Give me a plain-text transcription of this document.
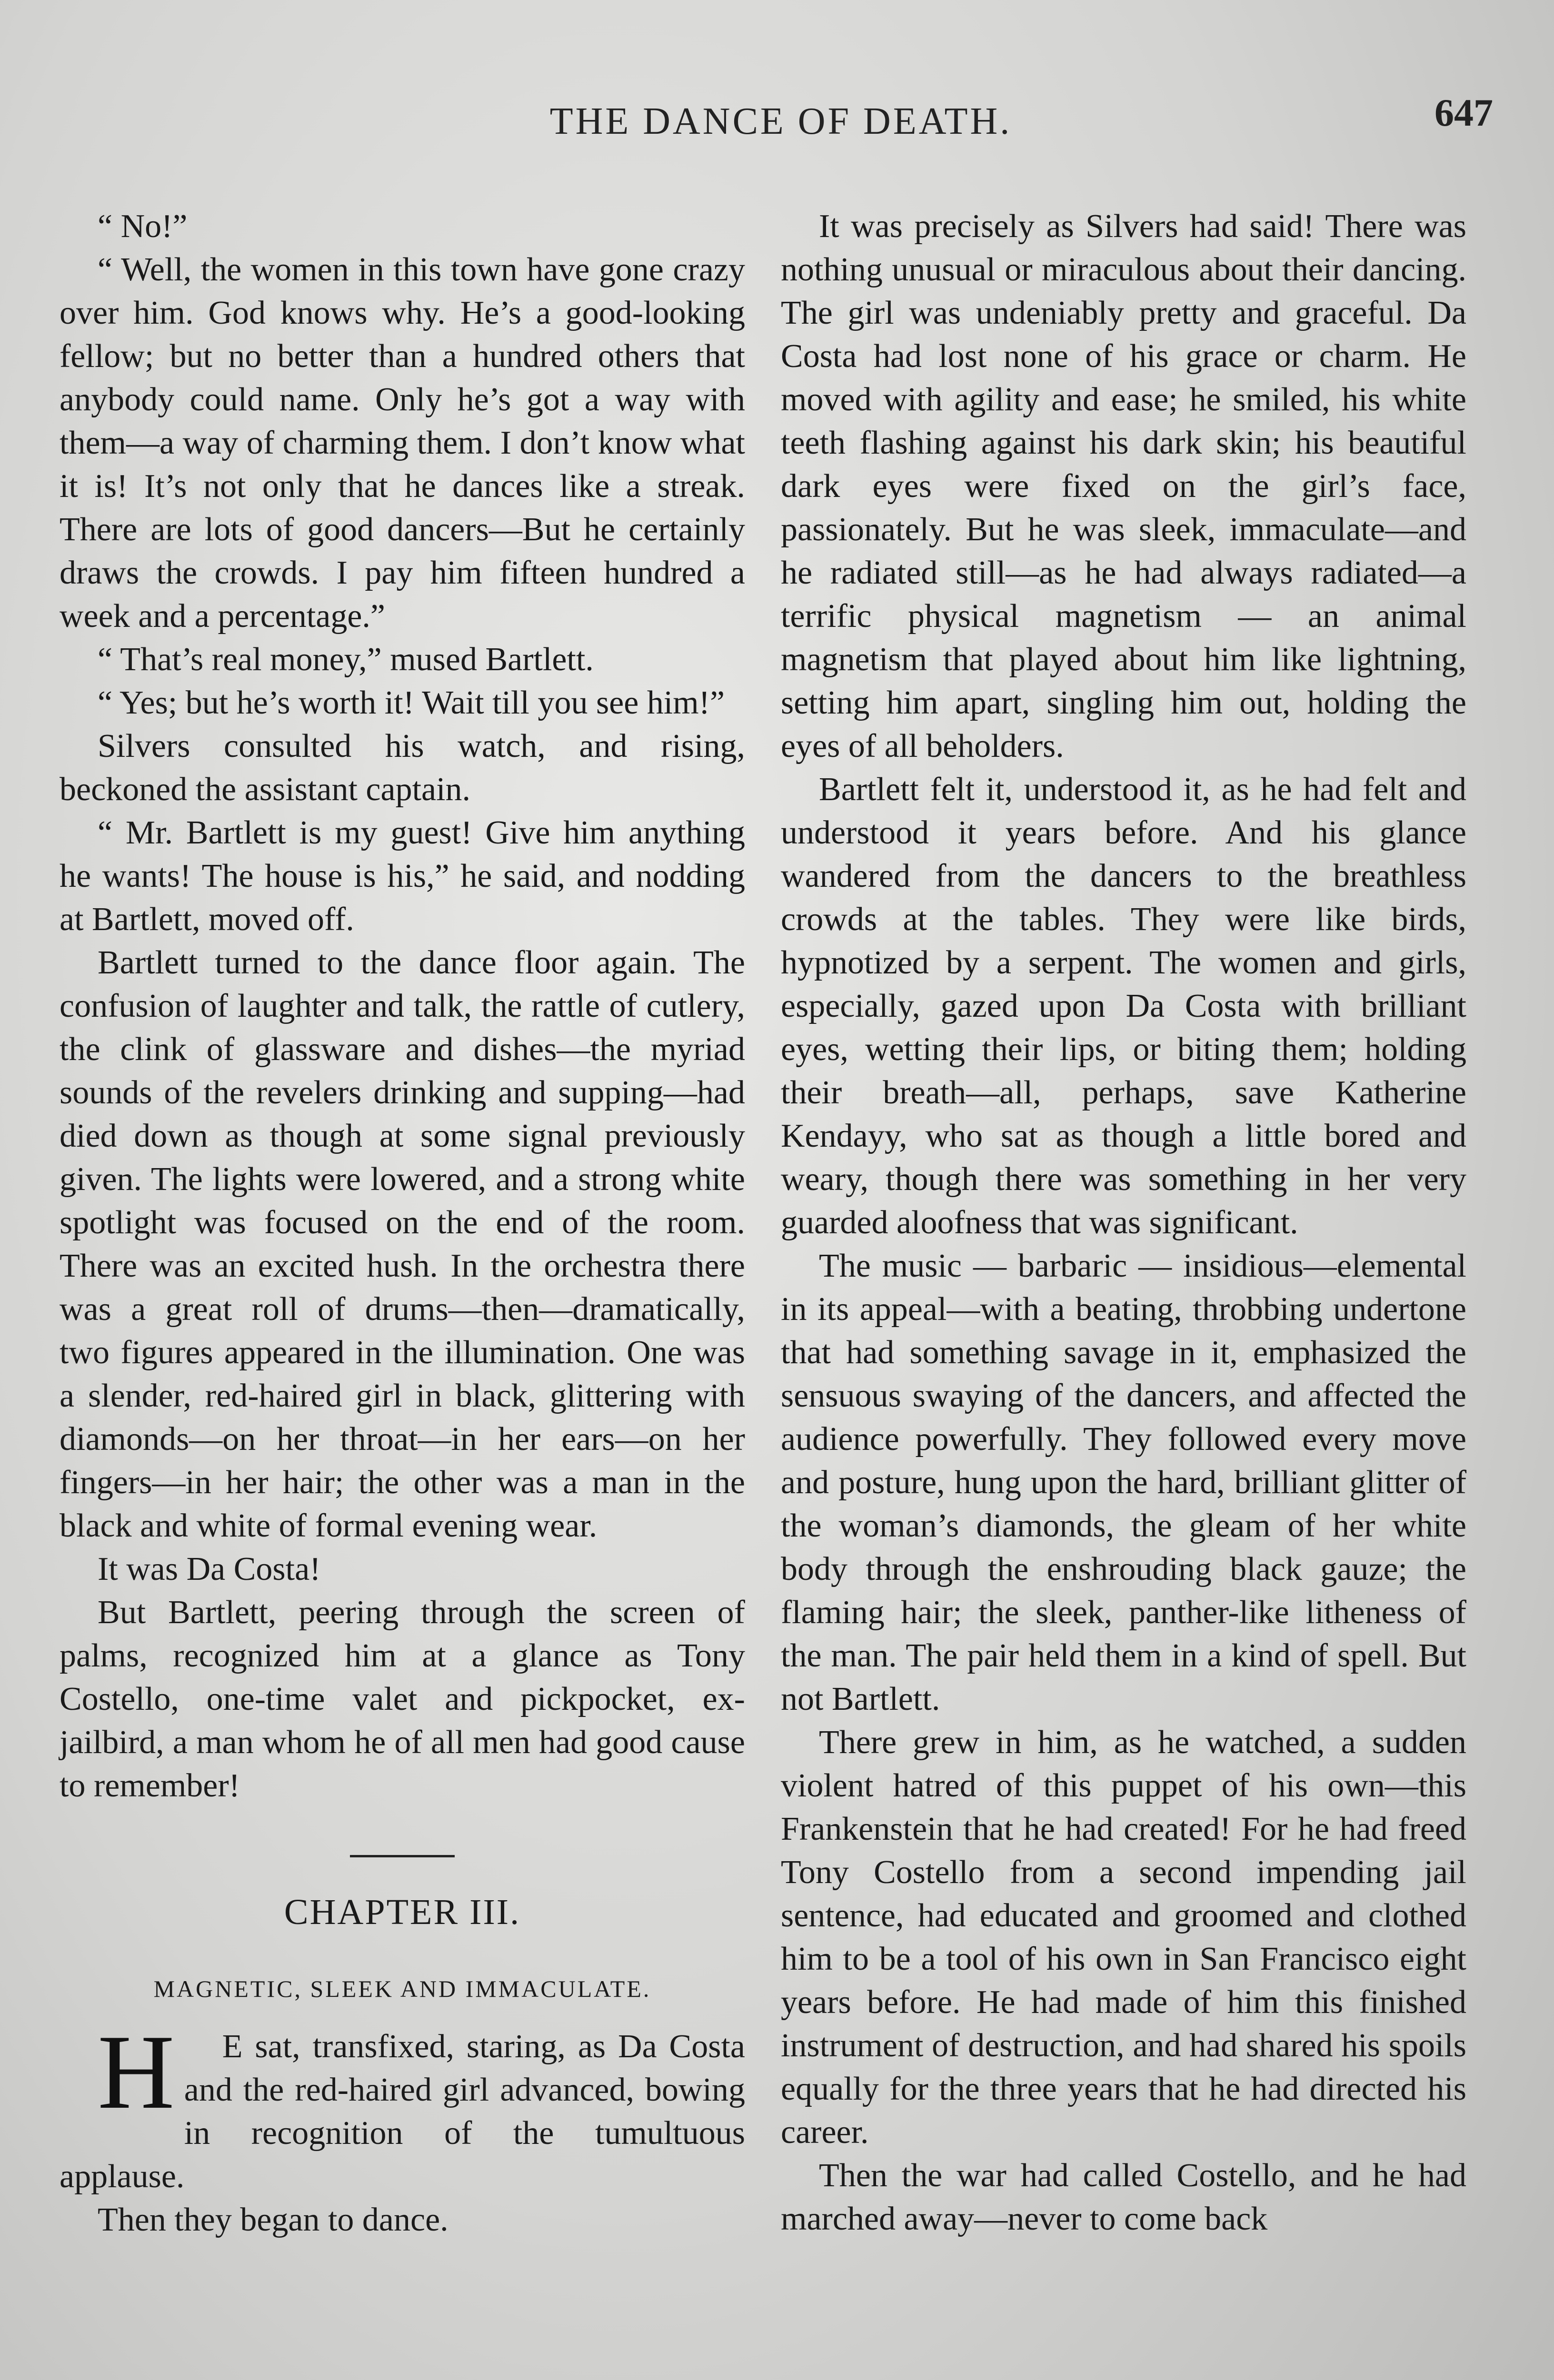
THE DANCE OF DEATH.	647

“ No!”

“ Well, the women in this town have gone crazy over him. God knows why. He’s a good-looking fellow; but no better than a hundred others that anybody could name. Only he’s got a way with them—a way of charming them. I don’t know what it is! It’s not only that he dances like a streak. There are lots of good dancers—But he certainly draws the crowds. I pay him fifteen hundred a week and a percentage.”

“ That’s real money,” mused Bartlett.

“ Yes; but he’s worth it! Wait till you see him!”

Silvers consulted his watch, and rising, beckoned the assistant captain.

“ Mr. Bartlett is my guest! Give him anything he wants! The house is his,” he said, and nodding at Bartlett, moved off.

Bartlett turned to the dance floor again. The confusion of laughter and talk, the rattle of cutlery, the clink of glassware and dishes—the myriad sounds of the revelers drinking and supping—had died down as though at some signal previously given. The lights were lowered, and a strong white spotlight was focused on the end of the room. There was an excited hush. In the orchestra there was a great roll of drums—then—dramatically, two figures appeared in the illumination. One was a slender, red-haired girl in black, glittering with diamonds—on her throat—in her ears—on her fingers—in her hair; the other was a man in the black and white of formal evening wear.

It was Da Costa!

But Bartlett, peering through the screen of palms, recognized him at a glance as Tony Costello, one-time valet and pickpocket, ex-jailbird, a man whom he of all men had good cause to remember!

CHAPTER III.
MAGNETIC, SLEEK AND IMMACULATE.

H E sat, transfixed, staring, as Da Costa and the red-haired girl advanced, bowing in recognition of the tumultuous applause.

Then they began to dance.

It was precisely as Silvers had said! There was nothing unusual or miraculous about their dancing. The girl was undeniably pretty and graceful. Da Costa had lost none of his grace or charm. He moved with agility and ease; he smiled, his white teeth flashing against his dark skin; his beautiful dark eyes were fixed on the girl’s face, passionately. But he was sleek, immaculate—and he radiated still—as he had always radiated—a terrific physical magnetism — an animal magnetism that played about him like lightning, setting him apart, singling him out, holding the eyes of all beholders.

Bartlett felt it, understood it, as he had felt and understood it years before. And his glance wandered from the dancers to the breathless crowds at the tables. They were like birds, hypnotized by a serpent. The women and girls, especially, gazed upon Da Costa with brilliant eyes, wetting their lips, or biting them; holding their breath—all, perhaps, save Katherine Kendayy, who sat as though a little bored and weary, though there was something in her very guarded aloofness that was significant.

The music — barbaric — insidious—elemental in its appeal—with a beating, throbbing undertone that had something savage in it, emphasized the sensuous swaying of the dancers, and affected the audience powerfully. They followed every move and posture, hung upon the hard, brilliant glitter of the woman’s diamonds, the gleam of her white body through the enshrouding black gauze; the flaming hair; the sleek, panther-like litheness of the man. The pair held them in a kind of spell. But not Bartlett.

There grew in him, as he watched, a sudden violent hatred of this puppet of his own—this Frankenstein that he had created! For he had freed Tony Costello from a second impending jail sentence, had educated and groomed and clothed him to be a tool of his own in San Francisco eight years before. He had made of him this finished instrument of destruction, and had shared his spoils equally for the three years that he had directed his career.

Then the war had called Costello, and he had marched away—never to come back
